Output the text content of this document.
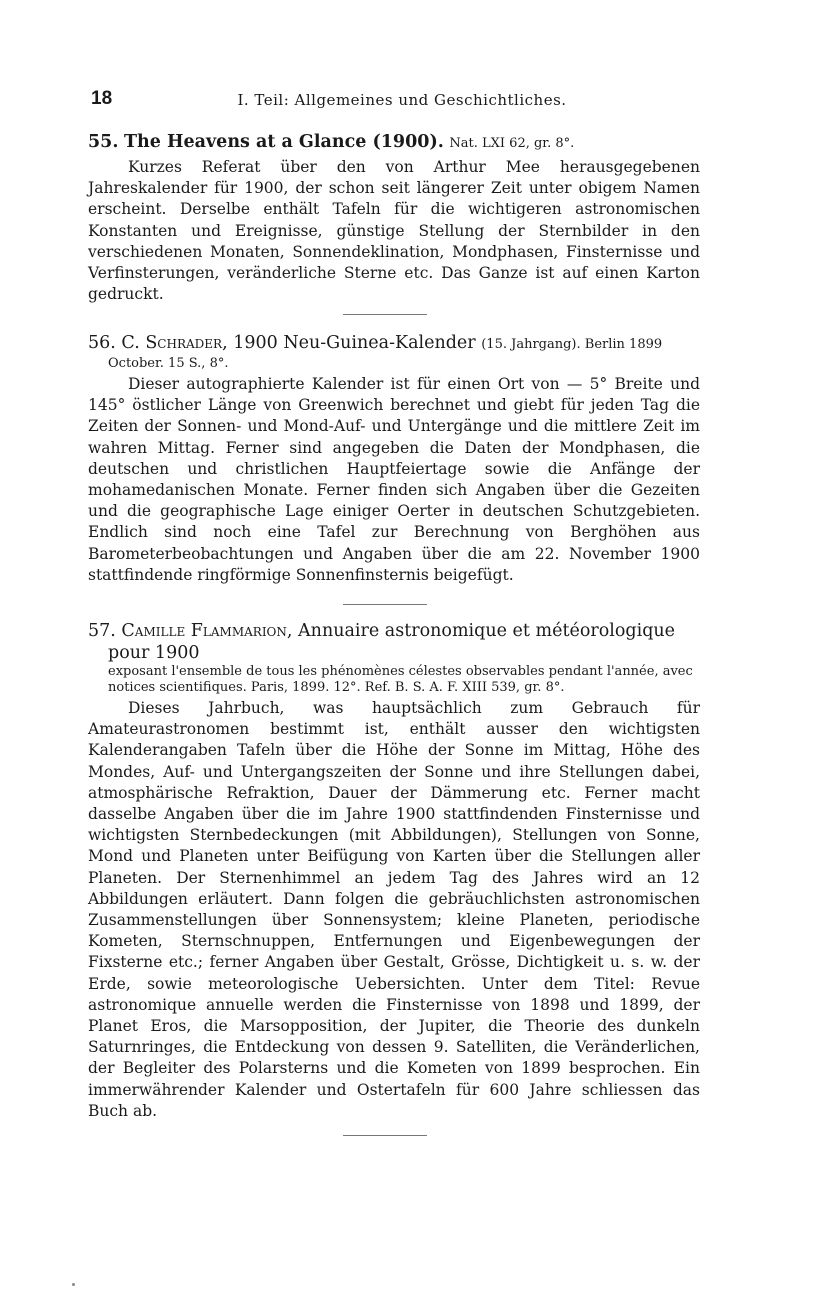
18	I. Teil: Allgemeines und Geschichtliches.

55. The Heavens at a Glance (1900). Nat. LXI 62, gr. 8°.

Kurzes Referat über den von Arthur Mee herausgegebenen Jahreskalender für 1900, der schon seit längerer Zeit unter obigem Namen erscheint. Derselbe enthält Tafeln für die wichtigeren astronomischen Konstanten und Ereignisse, günstige Stellung der Sternbilder in den verschiedenen Monaten, Sonnendeklination, Mondphasen, Finsternisse und Verfinsterungen, veränderliche Sterne etc. Das Ganze ist auf einen Karton gedruckt.

56. C. Schrader, 1900 Neu-Guinea-Kalender (15. Jahrgang). Berlin 1899

October. 15 S., 8°.

Dieser autographierte Kalender ist für einen Ort von — 5° Breite und 145° östlicher Länge von Greenwich berechnet und giebt für jeden Tag die Zeiten der Sonnen- und Mond-Auf- und Untergänge und die mittlere Zeit im wahren Mittag. Ferner sind angegeben die Daten der Mondphasen, die deutschen und christlichen Hauptfeiertage sowie die Anfänge der mohamedanischen Monate. Ferner finden sich Angaben über die Gezeiten und die geographische Lage einiger Oerter in deutschen Schutzgebieten. Endlich sind noch eine Tafel zur Berechnung von Berghöhen aus Barometerbeobachtungen und Angaben über die am 22. November 1900 stattfindende ringförmige Sonnenfinsternis beigefügt.

57. Camille Flammarion, Annuaire astronomique et météorologique

pour 1900

exposant l'ensemble de tous les phénomènes célestes observables pendant l'année, avec notices scientifiques. Paris, 1899. 12°. Ref. B. S. A. F. XIII 539, gr. 8°.

Dieses Jahrbuch, was hauptsächlich zum Gebrauch für Amateurastronomen bestimmt ist, enthält ausser den wichtigsten Kalenderangaben Tafeln über die Höhe der Sonne im Mittag, Höhe des Mondes, Auf- und Untergangszeiten der Sonne und ihre Stellungen dabei, atmosphärische Refraktion, Dauer der Dämmerung etc. Ferner macht dasselbe Angaben über die im Jahre 1900 stattfindenden Finsternisse und wichtigsten Sternbedeckungen (mit Abbildungen), Stellungen von Sonne, Mond und Planeten unter Beifügung von Karten über die Stellungen aller Planeten. Der Sternenhimmel an jedem Tag des Jahres wird an 12 Abbildungen erläutert. Dann folgen die gebräuchlichsten astronomischen Zusammenstellungen über Sonnensystem; kleine Planeten, periodische Kometen, Sternschnuppen, Entfernungen und Eigenbewegungen der Fixsterne etc.; ferner Angaben über Gestalt, Grösse, Dichtigkeit u. s. w. der Erde, sowie meteorologische Uebersichten. Unter dem Titel: Revue astronomique annuelle werden die Finsternisse von 1898 und 1899, der Planet Eros, die Marsopposition, der Jupiter, die Theorie des dunkeln Saturnringes, die Entdeckung von dessen 9. Satelliten, die Veränderlichen, der Begleiter des Polarsterns und die Kometen von 1899 besprochen. Ein immerwährender Kalender und Ostertafeln für 600 Jahre schliessen das Buch ab.
